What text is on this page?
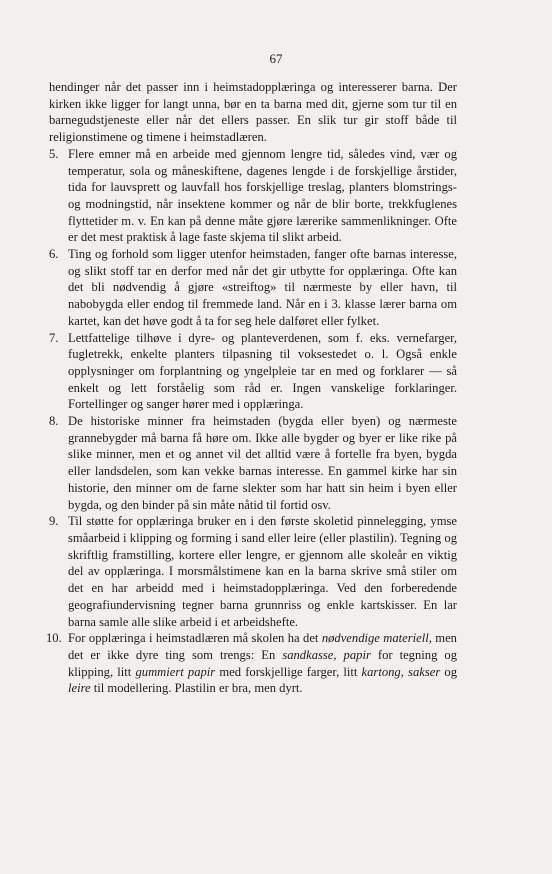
67

hendinger når det passer inn i heimstadopplæringa og interesserer barna. Der kirken ikke ligger for langt unna, bør en ta barna med dit, gjerne som tur til en barnegudstjeneste eller når det ellers passer. En slik tur gir stoff både til religionstimene og timene i heimstadlæren.

5. Flere emner må en arbeide med gjennom lengre tid, således vind, vær og temperatur, sola og måneskiftene, dagenes lengde i de forskjellige årstider, tida for lauvsprett og lauvfall hos forskjellige treslag, planters blomstrings- og modningstid, når insektene kommer og når de blir borte, trekkfuglenes flyttetider m. v. En kan på denne måte gjøre lærerike sammenlikninger. Ofte er det mest praktisk å lage faste skjema til slikt arbeid.

6. Ting og forhold som ligger utenfor heimstaden, fanger ofte barnas interesse, og slikt stoff tar en derfor med når det gir utbytte for opplæringa. Ofte kan det bli nødvendig å gjøre «streiftog» til nærmeste by eller havn, til nabobygda eller endog til fremmede land. Når en i 3. klasse lærer barna om kartet, kan det høve godt å ta for seg hele dalføret eller fylket.

7. Lettfattelige tilhøve i dyre- og planteverdenen, som f. eks. vernefarger, fugletrekk, enkelte planters tilpasning til voksestedet o. l. Også enkle opplysninger om forplantning og yngelpleie tar en med og forklarer — så enkelt og lett forståelig som råd er. Ingen vanskelige forklaringer. Fortellinger og sanger hører med i opplæringa.

8. De historiske minner fra heimstaden (bygda eller byen) og nærmeste grannebygder må barna få høre om. Ikke alle bygder og byer er like rike på slike minner, men et og annet vil det alltid være å fortelle fra byen, bygda eller landsdelen, som kan vekke barnas interesse. En gammel kirke har sin historie, den minner om de farne slekter som har hatt sin heim i byen eller bygda, og den binder på sin måte nåtid til fortid osv.

9. Til støtte for opplæringa bruker en i den første skoletid pinnelegging, ymse småarbeid i klipping og forming i sand eller leire (eller plastilin). Tegning og skriftlig framstilling, kortere eller lengre, er gjennom alle skoleår en viktig del av opplæringa. I morsmålstimene kan en la barna skrive små stiler om det en har arbeidd med i heimstadopplæringa. Ved den forberedende geografiundervisning tegner barna grunnriss og enkle kartskisser. En lar barna samle alle slike arbeid i et arbeidshefte.

10. For opplæringa i heimstadlæren må skolen ha det nødvendige materiell, men det er ikke dyre ting som trengs: En sandkasse, papir for tegning og klipping, litt gummiert papir med forskjellige farger, litt kartong, sakser og leire til modellering. Plastilin er bra, men dyrt.
